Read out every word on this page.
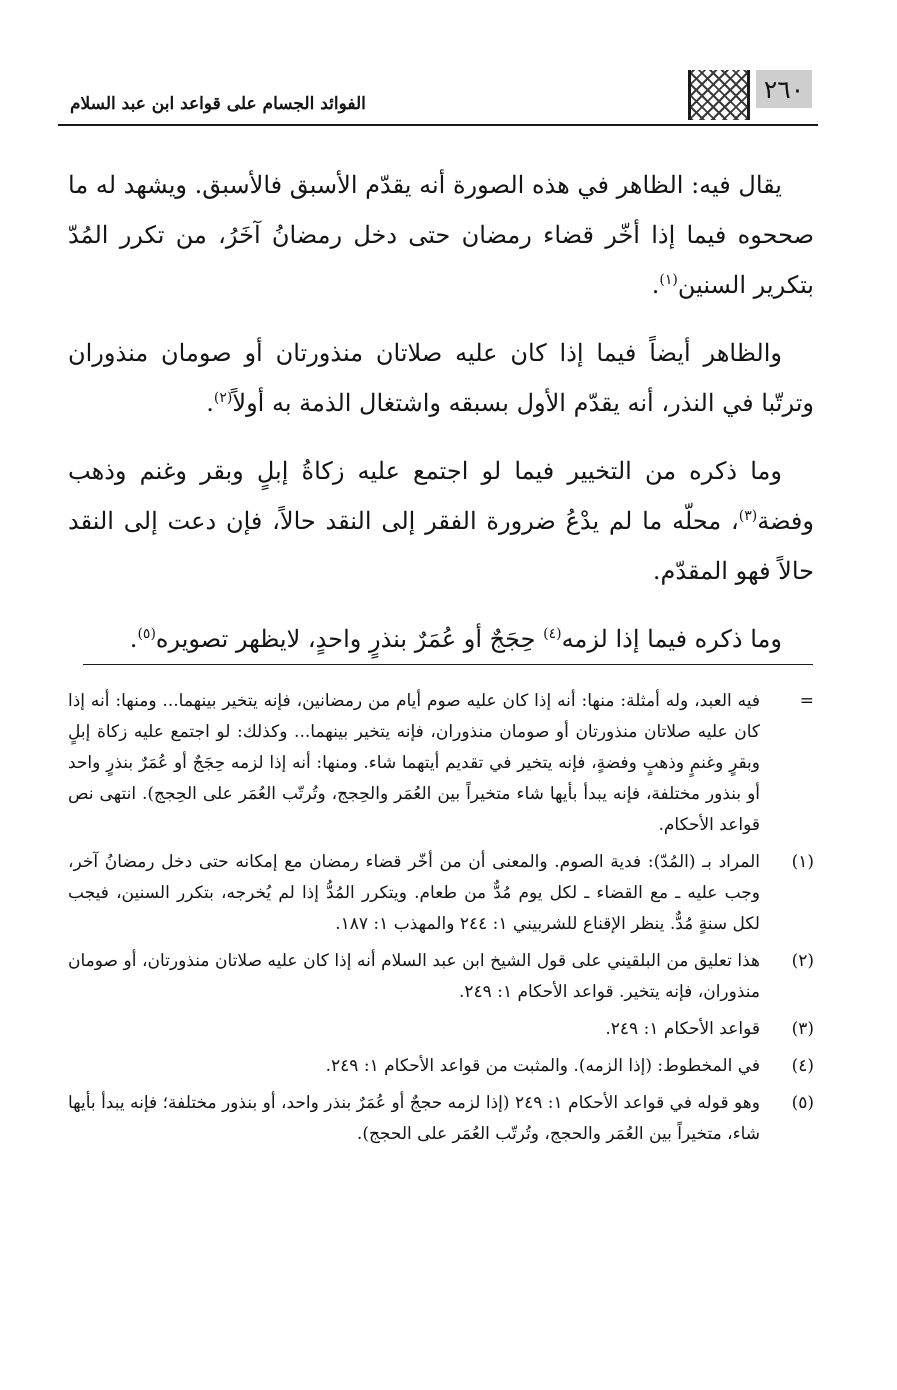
الفوائد الجسام على قواعد ابن عبد السلام	٢٦٠

يقال فيه: الظاهر في هذه الصورة أنه يقدّم الأسبق فالأسبق. ويشهد له ما صححوه فيما إذا أخّر قضاء رمضان حتى دخل رمضانُ آخَرُ، من تكرر المُدّ بتكرير السنين$^{(١)}$.

والظاهر أيضاً فيما إذا كان عليه صلاتان منذورتان أو صومان منذوران وترتّبا في النذر، أنه يقدّم الأول بسبقه واشتغال الذمة به أولاً$^{(٢)}$.

وما ذكره من التخيير فيما لو اجتمع عليه زكاةُ إبلٍ وبقر وغنم وذهب وفضة$^{(٣)}$، محلّه ما لم يدْعُ ضرورة الفقر إلى النقد حالاً، فإن دعت إلى النقد حالاً فهو المقدّم.

وما ذكره فيما إذا لزمه$^{(٤)}$ حِجَجٌ أو عُمَرٌ بنذرٍ واحدٍ، لايظهر تصويره$^{(٥)}$.

=
فيه العبد، وله أمثلة: منها: أنه إذا كان عليه صوم أيام من رمضانين، فإنه يتخير بينهما... ومنها: أنه إذا كان عليه صلاتان منذورتان أو صومان منذوران، فإنه يتخير بينهما... وكذلك: لو اجتمع عليه زكاة إبلٍ وبقرٍ وغنمٍ وذهبٍ وفضةٍ، فإنه يتخير في تقديم أيتهما شاء. ومنها: أنه إذا لزمه حِجَجٌ أو عُمَرٌ بنذرٍ واحد أو بنذور مختلفة، فإنه يبدأ بأيها شاء متخيراً بين العُمَر والحِجج، وتُرتّب العُمَر على الحِجج). انتهى نص قواعد الأحكام.
(١)
المراد بـ (المُدّ): فدية الصوم. والمعنى أن من أخّر قضاء رمضان مع إمكانه حتى دخل رمضانُ آخر، وجب عليه ـ مع القضاء ـ لكل يوم مُدٌّ من طعام. ويتكرر المُدُّ إذا لم يُخرجه، بتكرر السنين، فيجب لكل سنةٍ مُدٌّ. ينظر الإقناع للشربيني ١: ٢٤٤ والمهذب ١: ١٨٧.
(٢)
هذا تعليق من البلقيني على قول الشيخ ابن عبد السلام أنه إذا كان عليه صلاتان منذورتان، أو صومان منذوران، فإنه يتخير. قواعد الأحكام ١: ٢٤٩.
(٣)
قواعد الأحكام ١: ٢٤٩.
(٤)
في المخطوط: (إذا الزمه). والمثبت من قواعد الأحكام ١: ٢٤٩.
(٥)
وهو قوله في قواعد الأحكام ١: ٢٤٩ (إذا لزمه حججٌ أو عُمَرٌ بنذر واحد، أو بنذور مختلفة؛ فإنه يبدأ بأيها شاء، متخيراً بين العُمَر والحجج، وتُرتّب العُمَر على الحجج).
